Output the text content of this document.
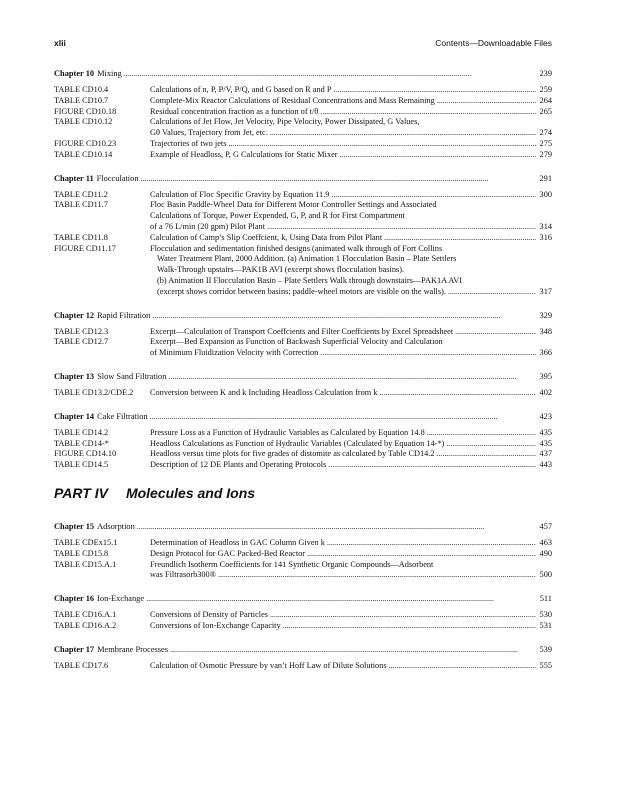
xlii	Contents—Downloadable Files
Chapter 10 Mixing . . .	239
TABLE CD10.4	Calculations of n, P, P/V, P/Q, and G based on R and P . . .	259
TABLE CD10.7	Complete-Mix Reactor Calculations of Residual Concentrations and Mass Remaining . . .	264
FIGURE CD10.18	Residual concentration fraction as a function of t/θ . . .	265
TABLE CD10.12	Calculations of Jet Flow, Jet Velocity, Pipe Velocity, Power Dissipated, G Values,
Gθ Values, Trajectory from Jet, etc. . . .	274
FIGURE CD10.23	Trajectories of two jets . . .	275
TABLE CD10.14	Example of Headloss, P, G Calculations for Static Mixer . . .	279
Chapter 11 Flocculation . . .	291
TABLE CD11.2	Calculation of Floc Specific Gravity by Equation 11.9 . . .	300
TABLE CD11.7	Floc Basin Paddle-Wheel Data for Different Motor Controller Settings and Associated
Calculations of Torque, Power Expended, G, P, and R for First Compartment
of a 76 L/min (20 gpm) Pilot Plant . . .	314
TABLE CD11.8	Calculation of Camp’s Slip Coeffcient, k, Using Data from Pilot Plant . . .	316
FIGURE CD11.17	Flocculation and sedimentation finished designs (animated walk through of Fort Collins
Water Treatment Plant, 2000 Addition. (a) Animation 1 Flocculation Basin – Plate Settlers
Walk-Through upstairs—PAK1B AVI (excerpt shows flocculation basins).
(b) Animation II Flocculation Basin – Plate Settlers Walk through downstairs—PAK1A AVI
(excerpt shows corridor between basins; paddle-wheel motors are visible on the walls). . . .	317
Chapter 12 Rapid Filtration . . .	329
TABLE CD12.3	Excerpt—Calculation of Transport Coeffcients and Filter Coeffcients by Excel Spreadsheet . . .	348
TABLE CD12.7	Excerpt—Bed Expansion as Function of Backwash Superficial Velocity and Calculation
of Minimum Fluidization Velocity with Correction . . .	366
Chapter 13 Slow Sand Filtration . . .	395
TABLE CD13.2/CDE.2	Conversion between K and k Including Headloss Calculation from k . . .	402
Chapter 14 Cake Filtration . . .	423
TABLE CD14.2	Pressure Loss as a Function of Hydraulic Variables as Calculated by Equation 14.8 . . .	435
TABLE CD14-*	Headloss Calculations as Function of Hydraulic Variables (Calculated by Equation 14-*) . . .	435
FIGURE CD14.10	Headloss versus time plots for five grades of distomite as calculated by Table CD14.2 . . .	437
TABLE CD14.5	Description of 12 DE Plants and Operating Protocols . . .	443
PART IV Molecules and Ions
Chapter 15 Adsorption . . .	457
TABLE CDEx15.1	Determination of Headloss in GAC Column Given k . . .	463
TABLE CD15.8	Design Protocol for GAC Packed-Bed Reactor . . .	490
TABLE CD15.A.1	Freundlich Isotherm Coefficients for 141 Synthetic Organic Compounds—Adsorbent
was Filtrasorb300® . . .	500
Chapter 16 Ion-Exchange . . .	511
TABLE CD16.A.1	Conversions of Density of Particles . . .	530
TABLE CD16.A.2	Conversions of Ion-Exchange Capacity . . .	531
Chapter 17 Membrane Processes . . .	539
TABLE CD17.6	Calculation of Osmotic Pressure by van’t Hoff Law of Dilute Solutions . . .	555
